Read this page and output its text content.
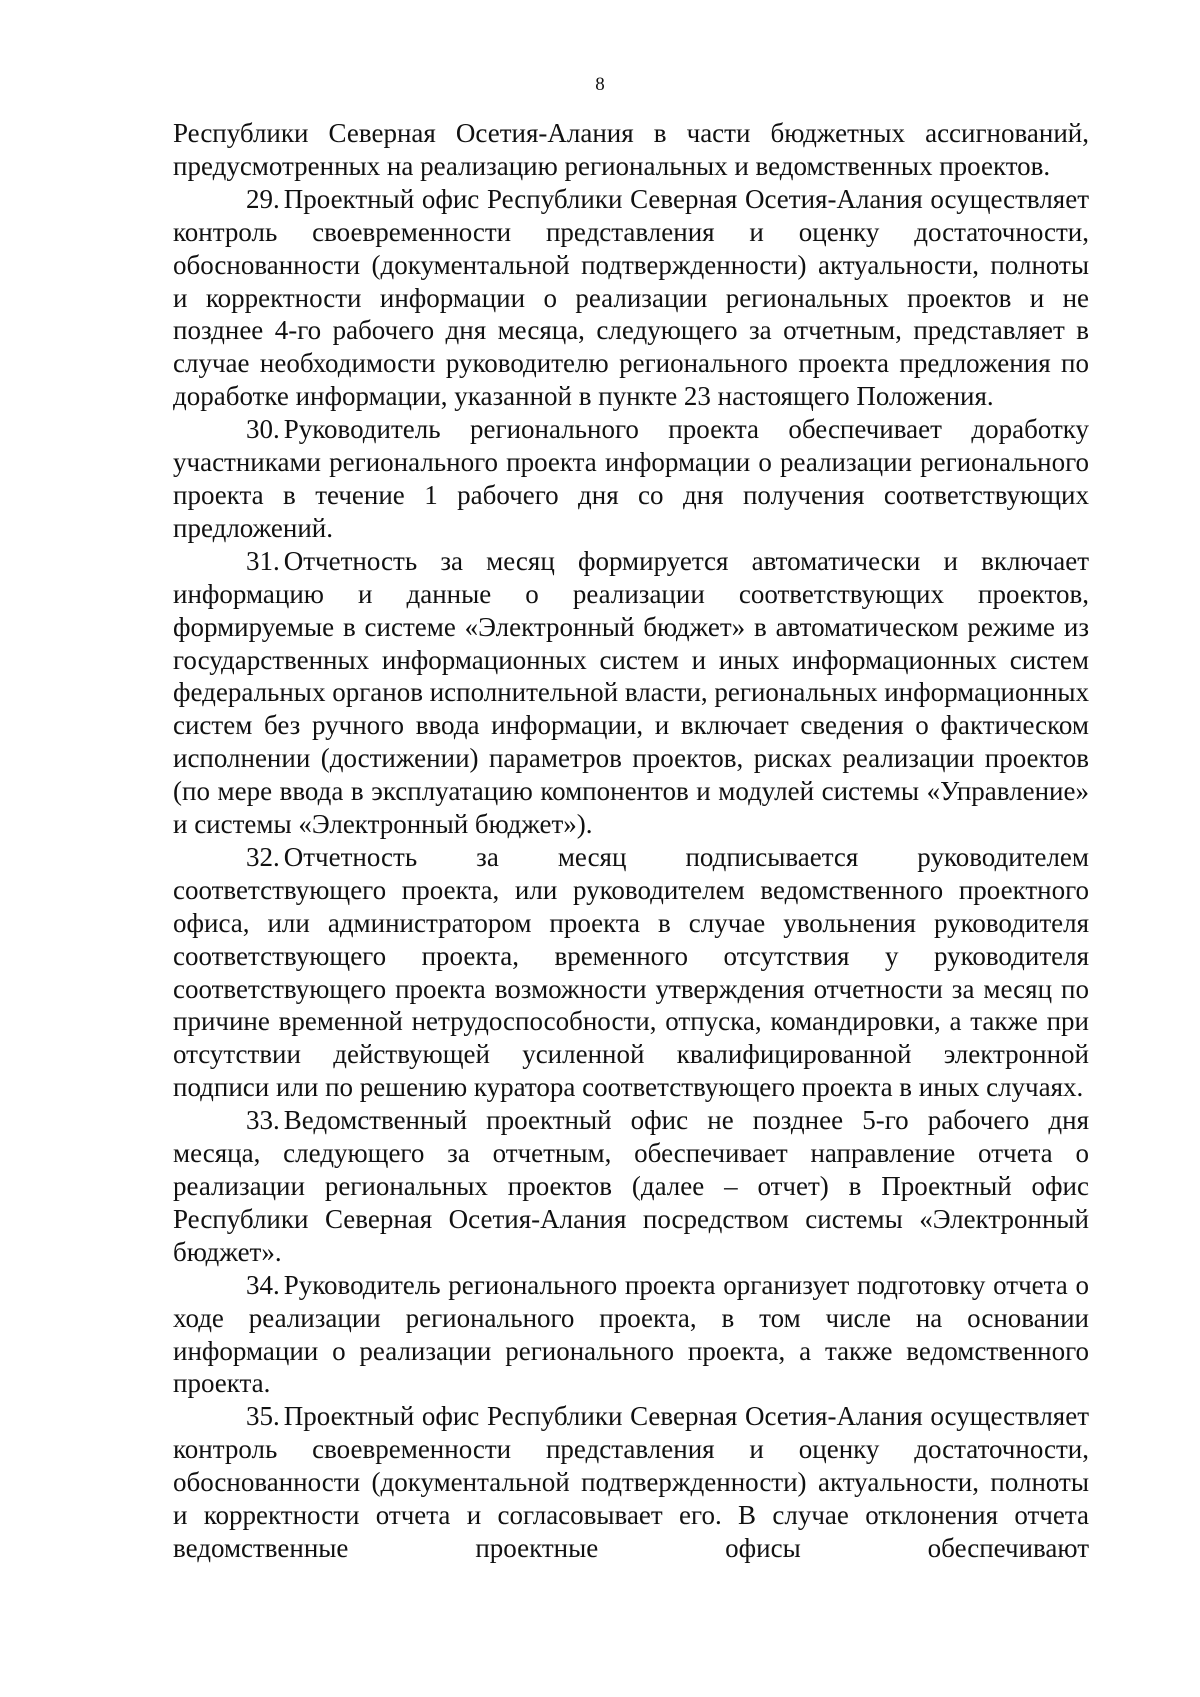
8

Республики Северная Осетия-Алания в части бюджетных ассигнований, предусмотренных на реализацию региональных и ведомственных проектов.

29. Проектный офис Республики Северная Осетия-Алания осуществляет контроль своевременности представления и оценку достаточности, обоснованности (документальной подтвержденности) актуальности, полноты и корректности информации о реализации региональных проектов и не позднее 4-го рабочего дня месяца, следующего за отчетным, представляет в случае необходимости руководителю регионального проекта предложения по доработке информации, указанной в пункте 23 настоящего Положения.

30. Руководитель регионального проекта обеспечивает доработку участниками регионального проекта информации о реализации регионального проекта в течение 1 рабочего дня со дня получения соответствующих предложений.

31. Отчетность за месяц формируется автоматически и включает информацию и данные о реализации соответствующих проектов, формируемые в системе «Электронный бюджет» в автоматическом режиме из государственных информационных систем и иных информационных систем федеральных органов исполнительной власти, региональных информационных систем без ручного ввода информации, и включает сведения о фактическом исполнении (достижении) параметров проектов, рисках реализации проектов (по мере ввода в эксплуатацию компонентов и модулей системы «Управление» и системы «Электронный бюджет»).

32. Отчетность за месяц подписывается руководителем соответствующего проекта, или руководителем ведомственного проектного офиса, или администратором проекта в случае увольнения руководителя соответствующего проекта, временного отсутствия у руководителя соответствующего проекта возможности утверждения отчетности за месяц по причине временной нетрудоспособности, отпуска, командировки, а также при отсутствии действующей усиленной квалифицированной электронной подписи или по решению куратора соответствующего проекта в иных случаях.

33. Ведомственный проектный офис не позднее 5-го рабочего дня месяца, следующего за отчетным, обеспечивает направление отчета о реализации региональных проектов (далее – отчет) в Проектный офис Республики Северная Осетия-Алания посредством системы «Электронный бюджет».

34. Руководитель регионального проекта организует подготовку отчета о ходе реализации регионального проекта, в том числе на основании информации о реализации регионального проекта, а также ведомственного проекта.

35. Проектный офис Республики Северная Осетия-Алания осуществляет контроль своевременности представления и оценку достаточности, обоснованности (документальной подтвержденности) актуальности, полноты и корректности отчета и согласовывает его. В случае отклонения отчета ведомственные проектные офисы обеспечивают
